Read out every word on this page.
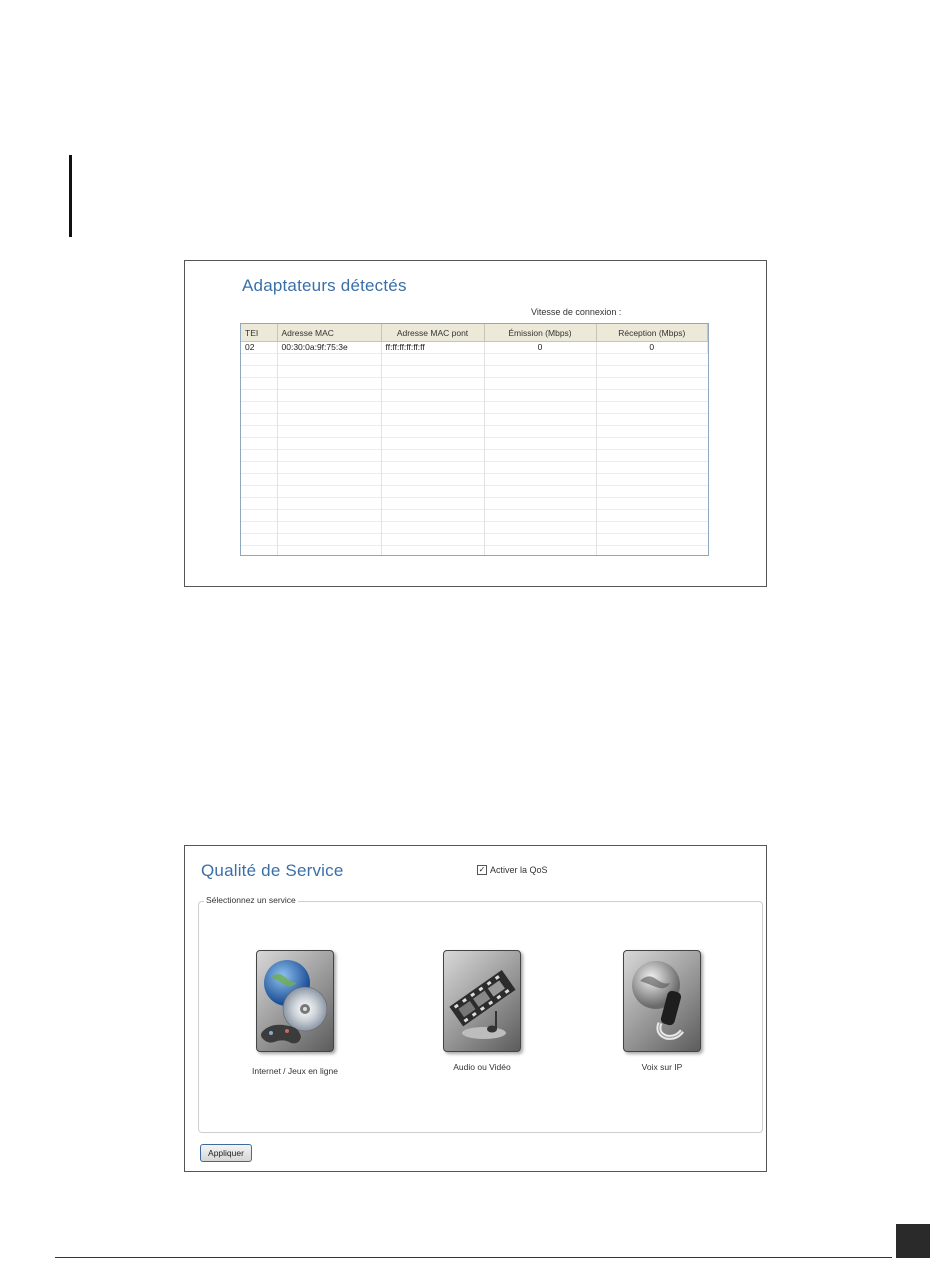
Adaptateurs détectés
Vitesse de connexion :
TEI	Adresse MAC	Adresse MAC pont	Émission (Mbps)	Réception (Mbps)
02	00:30:0a:9f:75:3e	ff:ff:ff:ff:ff:ff	0	0
Qualité de Service	✓ Activer la QoS
Sélectionnez un service
Internet / Jeux en ligne	Audio ou Vidéo	Voix sur IP
Appliquer
